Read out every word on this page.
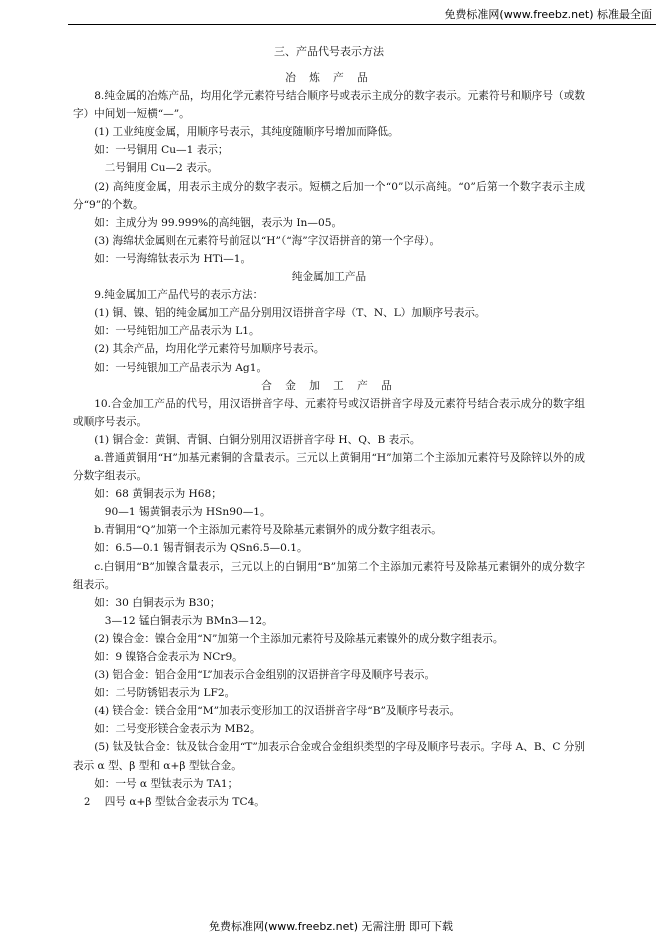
免费标准网(www.freebz.net) 标准最全面
三、产品代号表示方法
冶 炼 产 品
8.纯金属的冶炼产品，均用化学元素符号结合顺序号或表示主成分的数字表示。元素符号和顺序号（或数字）中间划一短横“—”。
(1) 工业纯度金属，用顺序号表示，其纯度随顺序号增加而降低。
如：一号铜用 Cu—1 表示；
二号铜用 Cu—2 表示。
(2) 高纯度金属，用表示主成分的数字表示。短横之后加一个“0”以示高纯。“0”后第一个数字表示主成分“9”的个数。
如：主成分为 99.999%的高纯铟，表示为 In—05。
(3) 海绵状金属则在元素符号前冠以“H”（“海”字汉语拼音的第一个字母）。
如：一号海绵钛表示为 HTi—1。
纯金属加工产品
9.纯金属加工产品代号的表示方法：
(1) 铜、镍、铝的纯金属加工产品分别用汉语拼音字母（T、N、L）加顺序号表示。
如：一号纯铝加工产品表示为 L1。
(2) 其余产品，均用化学元素符号加顺序号表示。
如：一号纯银加工产品表示为 Ag1。
合 金 加 工 产 品
10.合金加工产品的代号，用汉语拼音字母、元素符号或汉语拼音字母及元素符号结合表示成分的数字组或顺序号表示。
(1) 铜合金：黄铜、青铜、白铜分别用汉语拼音字母 H、Q、B 表示。
a.普通黄铜用“H”加基元素铜的含量表示。三元以上黄铜用“H”加第二个主添加元素符号及除锌以外的成分数字组表示。
如：68 黄铜表示为 H68；
90—1 锡黄铜表示为 HSn90—1。
b.青铜用“Q”加第一个主添加元素符号及除基元素铜外的成分数字组表示。
如：6.5—0.1 锡青铜表示为 QSn6.5—0.1。
c.白铜用“B”加镍含量表示，三元以上的白铜用“B”加第二个主添加元素符号及除基元素铜外的成分数字组表示。
如：30 白铜表示为 B30；
3—12 锰白铜表示为 BMn3—12。
(2) 镍合金：镍合金用“N”加第一个主添加元素符号及除基元素镍外的成分数字组表示。
如：9 镍铬合金表示为 NCr9。
(3) 铝合金：铝合金用“L”加表示合金组别的汉语拼音字母及顺序号表示。
如：二号防锈铝表示为 LF2。
(4) 镁合金：镁合金用“M”加表示变形加工的汉语拼音字母“B”及顺序号表示。
如：二号变形镁合金表示为 MB2。
(5) 钛及钛合金：钛及钛合金用“T”加表示合金或合金组织类型的字母及顺序号表示。字母 A、B、C 分别表示 α 型、β 型和 α+β 型钛合金。
如：一号 α 型钛表示为 TA1；
四号 α+β 型钛合金表示为 TC4。
2
免费标准网(www.freebz.net) 无需注册 即可下载
